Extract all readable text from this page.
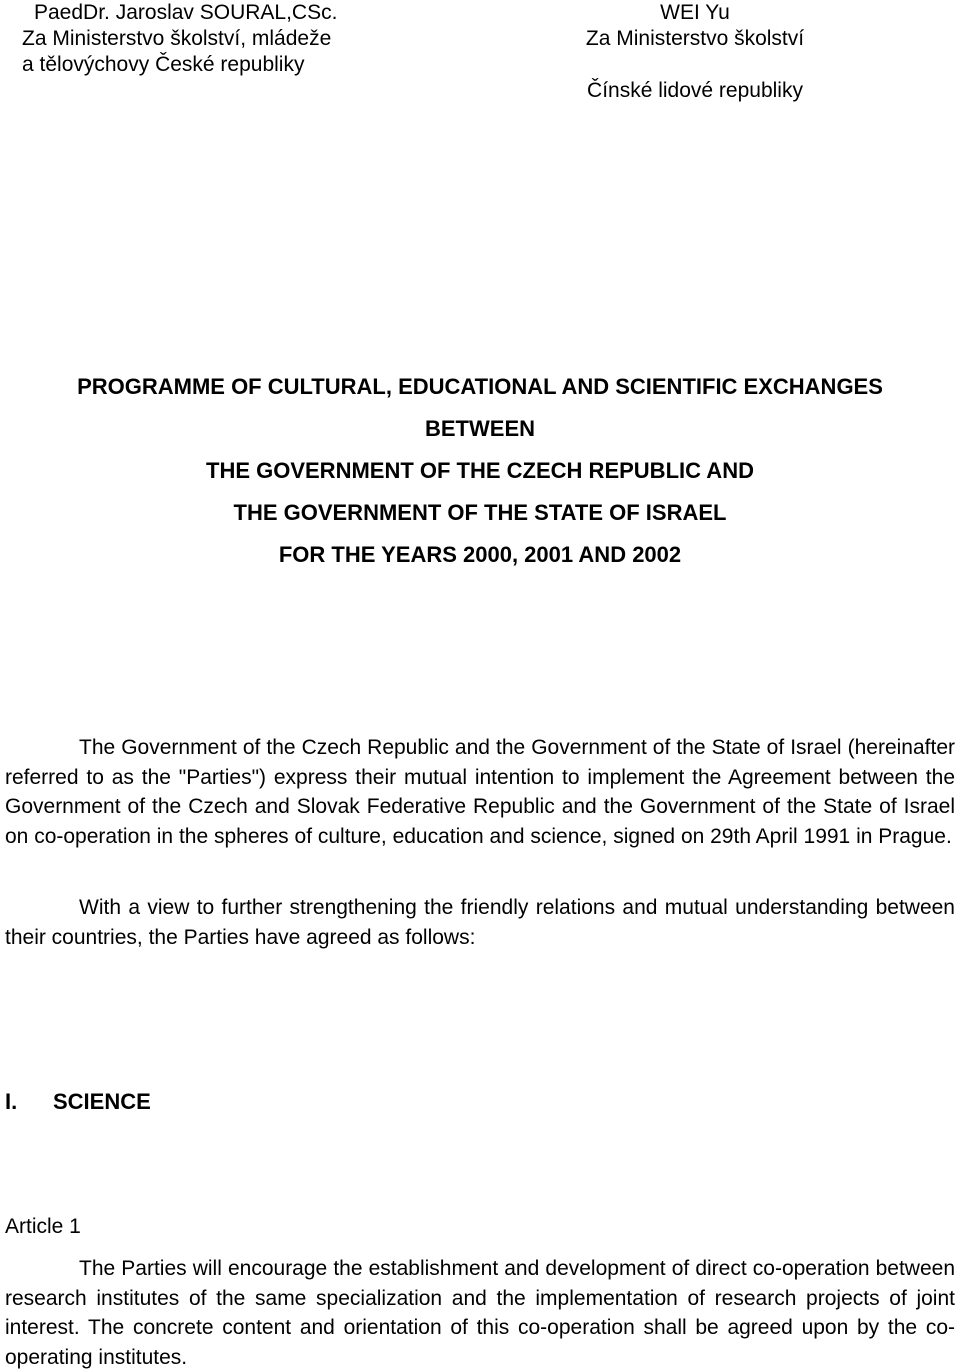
PaedDr. Jaroslav SOURAL,CSc.
Za Ministerstvo školství, mládeže
a tělovýchovy České republiky
WEI Yu
Za Ministerstvo školství
Čínské lidové republiky
PROGRAMME OF CULTURAL, EDUCATIONAL AND SCIENTIFIC EXCHANGES
BETWEEN
THE GOVERNMENT OF THE CZECH REPUBLIC AND
THE GOVERNMENT OF THE STATE OF ISRAEL
FOR THE YEARS 2000, 2001 AND 2002
The Government of the Czech Republic and the Government of the State of Israel (hereinafter referred to as the "Parties") express their mutual intention to implement the Agreement between the Government of the Czech and Slovak Federative Republic and the Government of the State of Israel on co-operation in the spheres of culture, education and science, signed on 29th April 1991 in Prague.
With a view to further strengthening the friendly relations and mutual understanding between their countries, the Parties have agreed as follows:
I. SCIENCE
Article 1
The Parties will encourage the establishment and development of direct co-operation between research institutes of the same specialization and the implementation of research projects of joint interest. The concrete content and orientation of this co-operation shall be agreed upon by the co-operating institutes.
